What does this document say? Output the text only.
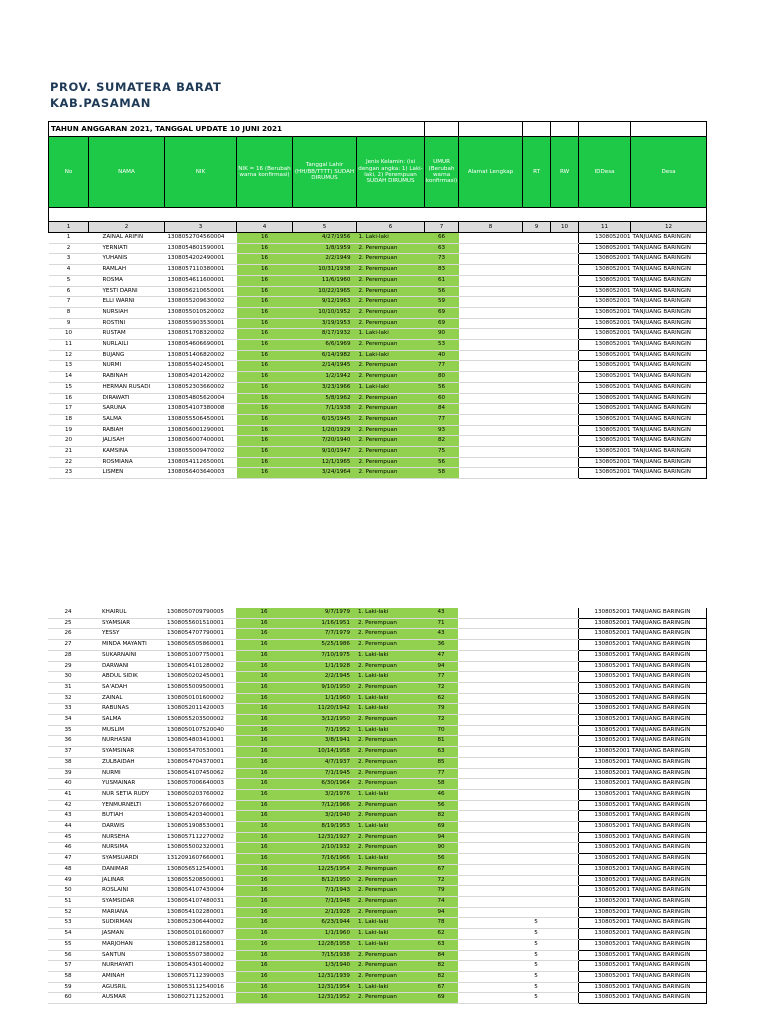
PROV. SUMATERA BARAT
KAB.PASAMAN
TAHUN ANGGARAN 2021, TANGGAL UPDATE 10 JUNI 2021											
No	NAMA	NIK	NIK = 16 (Berubah warna konfirmasi)	Tanggal Lahir (HH/BB/TTTT) SUDAH DIRUMUS	Jenis Kelamin: (isi dengan angka: 1) Laki-laki, 2) Perempuan SUDAH DIRUMUS	UMUR (Berubah warna konfirmasi)	Alamat Lengkap	RT	RW	IDDesa	Desa

1	2	3	4	5	6	7	8	9	10	11	12
1	ZAINAL ARIFIN	1308052704560004	16	4/27/1956	1. Laki-laki	66				1308052001	TANJUANG BARINGIN
2	YERNIATI	1308054801590001	16	1/8/1959	2. Perempuan	63				1308052001	TANJUANG BARINGIN
3	YUHANIS	1308054202490001	16	2/2/1949	2. Perempuan	73				1308052001	TANJUANG BARINGIN
4	RAMLAH	1308057110380001	16	10/31/1938	2. Perempuan	83				1308052001	TANJUANG BARINGIN
5	ROSMA	1308054611600001	16	11/6/1960	2. Perempuan	61				1308052001	TANJUANG BARINGIN
6	YESTI DARNI	1308056210650001	16	10/22/1965	2. Perempuan	56				1308052001	TANJUANG BARINGIN
7	ELLI WARNI	1308055209630002	16	9/12/1963	2. Perempuan	59				1308052001	TANJUANG BARINGIN
8	NURSIAH	1308055010520002	16	10/10/1952	2. Perempuan	69				1308052001	TANJUANG BARINGIN
9	ROSTINI	1308055903530001	16	3/19/1953	2. Perempuan	69				1308052001	TANJUANG BARINGIN
10	RUSTAM	1308051708320002	16	8/17/1932	1. Laki-laki	90				1308052001	TANJUANG BARINGIN
11	NURLAILI	1308054606690001	16	6/6/1969	2. Perempuan	53				1308052001	TANJUANG BARINGIN
12	BUJANG	1308051406820002	16	6/14/1982	1. Laki-laki	40				1308052001	TANJUANG BARINGIN
13	NURMI	1308055402450001	16	2/14/1945	2. Perempuan	77				1308052001	TANJUANG BARINGIN
14	RABINAH	1308054201420002	16	1/2/1942	2. Perempuan	80				1308052001	TANJUANG BARINGIN
15	HERMAN RUSADI	1308052303660002	16	3/23/1966	1. Laki-laki	56				1308052001	TANJUANG BARINGIN
16	DIRAWATI	1308054805620004	16	5/8/1962	2. Perempuan	60				1308052001	TANJUANG BARINGIN
17	SARUNA	1308054107380008	16	7/1/1938	2. Perempuan	84				1308052001	TANJUANG BARINGIN
18	SALMA	1308055506450001	16	6/15/1945	2. Perempuan	77				1308052001	TANJUANG BARINGIN
19	RABIAH	1308056001290001	16	1/20/1929	2. Perempuan	93				1308052001	TANJUANG BARINGIN
20	JALISAH	1308056007400001	16	7/20/1940	2. Perempuan	82				1308052001	TANJUANG BARINGIN
21	KAMSINA	1308055009470002	16	9/10/1947	2. Perempuan	75				1308052001	TANJUANG BARINGIN
22	ROSMIANA	1308054112650001	16	12/1/1965	2. Perempuan	56				1308052001	TANJUANG BARINGIN
23	LISMEN	1308056403640003	16	3/24/1964	2. Perempuan	58				1308052001	TANJUANG BARINGIN
24	KHAIRUL	1308050709790005	16	9/7/1979	1. Laki-laki	43				1308052001	TANJUANG BARINGIN
25	SYAMSIAR	1308055601510001	16	1/16/1951	2. Perempuan	71				1308052001	TANJUANG BARINGIN
26	YESSY	1308054707790001	16	7/7/1979	2. Perempuan	43				1308052001	TANJUANG BARINGIN
27	MINDA MAYANTI	1308056505860001	16	5/25/1986	2. Perempuan	36				1308052001	TANJUANG BARINGIN
28	SUKARNAINI	1308051007750001	16	7/10/1975	1. Laki-laki	47				1308052001	TANJUANG BARINGIN
29	DARWANI	1308054101280002	16	1/1/1928	2. Perempuan	94				1308052001	TANJUANG BARINGIN
30	ABDUL SIDIK	1308050202450001	16	2/2/1945	1. Laki-laki	77				1308052001	TANJUANG BARINGIN
31	SA'ADAH	1308055009500001	16	9/10/1950	2. Perempuan	72				1308052001	TANJUANG BARINGIN
32	ZAINAL	1308050101600002	16	1/1/1960	1. Laki-laki	62				1308052001	TANJUANG BARINGIN
33	RABUNAS	1308052011420003	16	11/20/1942	1. Laki-laki	79				1308052001	TANJUANG BARINGIN
34	SALMA	1308055203500002	16	3/12/1950	2. Perempuan	72				1308052001	TANJUANG BARINGIN
35	MUSLIM	1308050107520040	16	7/1/1952	1. Laki-laki	70				1308052001	TANJUANG BARINGIN
36	NURHASNI	1308054803410001	16	3/8/1941	2. Perempuan	81				1308052001	TANJUANG BARINGIN
37	SYAMSINAR	1308055470530001	16	10/14/1958	2. Perempuan	63				1308052001	TANJUANG BARINGIN
38	ZULBAIDAH	1308054704370001	16	4/7/1937	2. Perempuan	85				1308052001	TANJUANG BARINGIN
39	NURMI	1308054107450062	16	7/1/1945	2. Perempuan	77				1308052001	TANJUANG BARINGIN
40	YUSMAINAR	1308057006640003	16	6/30/1964	2. Perempuan	58				1308052001	TANJUANG BARINGIN
41	NUR SETIA RUDY	1308050203760002	16	3/2/1976	1. Laki-laki	46				1308052001	TANJUANG BARINGIN
42	YENMURNELTI	1308055207660002	16	7/12/1966	2. Perempuan	56				1308052001	TANJUANG BARINGIN
43	BUTIAH	1308054203400001	16	3/2/1940	2. Perempuan	82				1308052001	TANJUANG BARINGIN
44	DARWIS	1308051908530001	16	8/19/1953	1. Laki-laki	69				1308052001	TANJUANG BARINGIN
45	NURSEHA	1308057112270002	16	12/31/1927	2. Perempuan	94				1308052001	TANJUANG BARINGIN
46	NURSIMA	1308055002320001	16	2/10/1932	2. Perempuan	90				1308052001	TANJUANG BARINGIN
47	SYAMSUARDI	1312091607660001	16	7/16/1966	1. Laki-laki	56				1308052001	TANJUANG BARINGIN
48	DANIMAR	1308056512540001	16	12/25/1954	2. Perempuan	67				1308052001	TANJUANG BARINGIN
49	JALINAR	1308055208500001	16	8/12/1950	2. Perempuan	72				1308052001	TANJUANG BARINGIN
50	ROSLAINI	1308054107430004	16	7/1/1943	2. Perempuan	79				1308052001	TANJUANG BARINGIN
51	SYAMSIDAR	1308054107480031	16	7/1/1948	2. Perempuan	74				1308052001	TANJUANG BARINGIN
52	MARIANA	1308054102280001	16	2/1/1928	2. Perempuan	94				1308052001	TANJUANG BARINGIN
53	SUDIRMAN	1308052306440002	16	6/23/1944	1. Laki-laki	78		5		1308052001	TANJUANG BARINGIN
54	JASMAN	1308050101600007	16	1/1/1960	1. Laki-laki	62		5		1308052001	TANJUANG BARINGIN
55	MARJOHAN	1308052812580001	16	12/28/1958	1. Laki-laki	63		5		1308052001	TANJUANG BARINGIN
56	SANTUN	1308055507380002	16	7/15/1938	2. Perempuan	84		5		1308052001	TANJUANG BARINGIN
57	NURHAYATI	1308054301400002	16	1/3/1940	2. Perempuan	82		5		1308052001	TANJUANG BARINGIN
58	AMINAH	1308057112390003	16	12/31/1939	2. Perempuan	82		5		1308052001	TANJUANG BARINGIN
59	AGUSRIL	1308053112540016	16	12/31/1954	1. Laki-laki	67		5		1308052001	TANJUANG BARINGIN
60	AUSMAR	1308027112520001	16	12/31/1952	2. Perempuan	69		5		1308052001	TANJUANG BARINGIN
